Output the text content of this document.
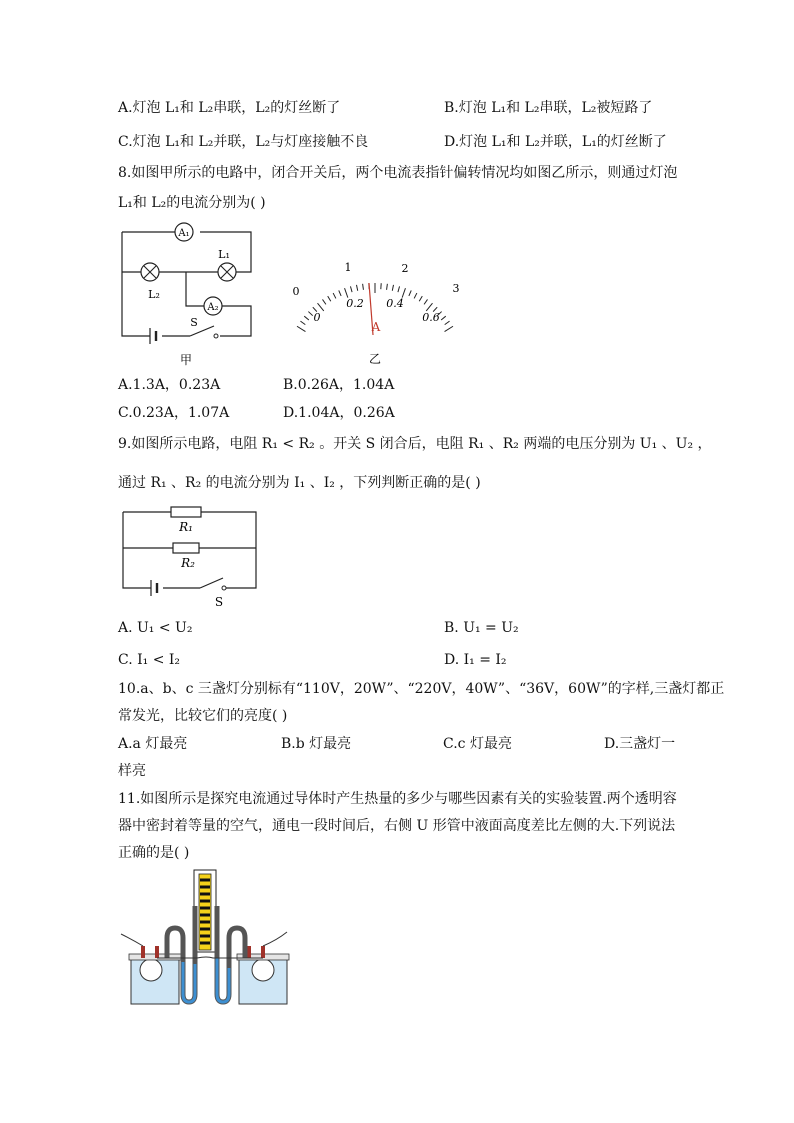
A.灯泡 L₁和 L₂串联，L₂的灯丝断了	B.灯泡 L₁和 L₂串联，L₂被短路了
C.灯泡 L₁和 L₂并联，L₂与灯座接触不良	D.灯泡 L₁和 L₂并联，L₁的灯丝断了
8.如图甲所示的电路中，闭合开关后，两个电流表指针偏转情况均如图乙所示，则通过灯泡
L₁和 L₂的电流分别为( )
A₁
L₂
L₁
A₂
S
甲
0
1	2
3
0
0.2 0.4
0.6
A
乙
A.1.3A，0.23A	B.0.26A，1.04A
C.0.23A，1.07A	D.1.04A，0.26A
9.如图所示电路，电阻 R₁ < R₂ 。开关 S 闭合后，电阻 R₁ 、R₂ 两端的电压分别为 U₁ 、U₂ ，
通过 R₁ 、R₂ 的电流分别为 I₁ 、I₂ ，下列判断正确的是( )
R₁
R₂
S
A. U₁ < U₂	B. U₁ = U₂
C. I₁ < I₂	D. I₁ = I₂
10.a、b、c 三盏灯分别标有“110V，20W”、“220V，40W”、“36V，60W”的字样,三盏灯都正
常发光，比较它们的亮度( )
A.a 灯最亮	B.b 灯最亮	C.c 灯最亮	D.三盏灯一
样亮
11.如图所示是探究电流通过导体时产生热量的多少与哪些因素有关的实验装置.两个透明容
器中密封着等量的空气，通电一段时间后，右侧 U 形管中液面高度差比左侧的大.下列说法
正确的是( )
